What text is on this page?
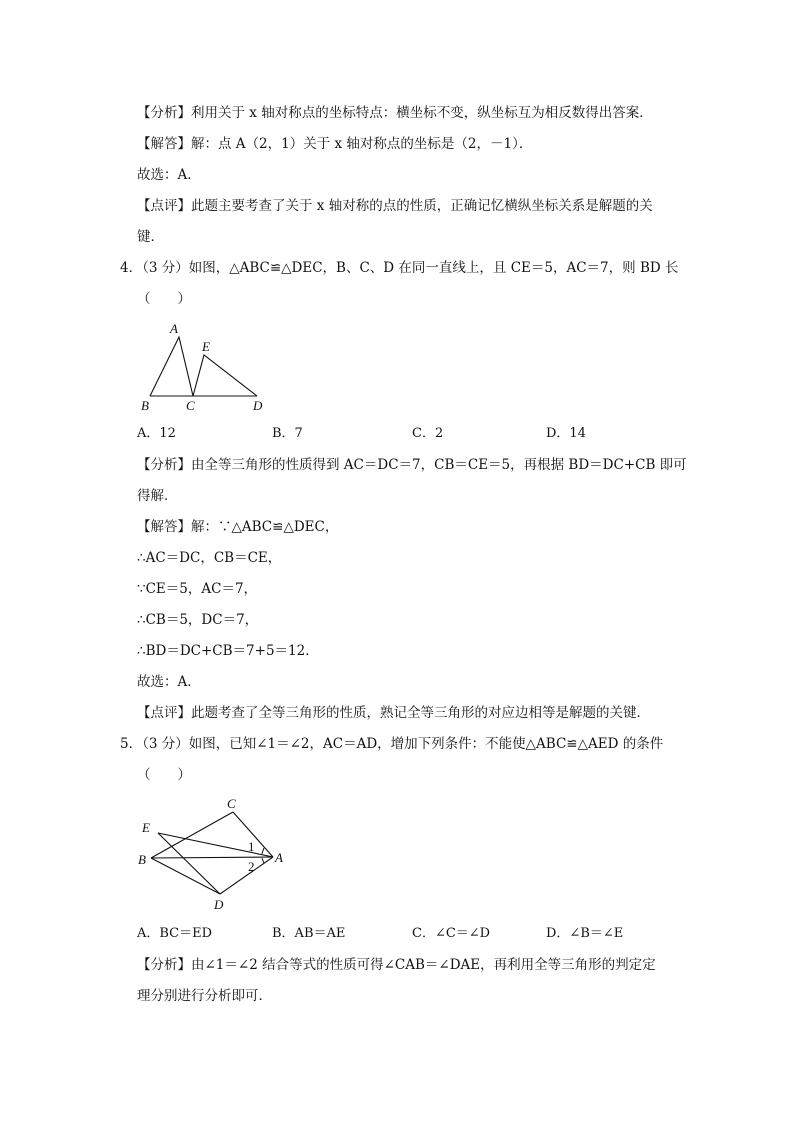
【分析】利用关于 x 轴对称点的坐标特点：横坐标不变，纵坐标互为相反数得出答案．
【解答】解：点 A（2，1）关于 x 轴对称点的坐标是（2，－1）．
故选：A．
【点评】此题主要考查了关于 x 轴对称的点的性质，正确记忆横纵坐标关系是解题的关
键．
4．（3 分）如图，△ABC≌△DEC，B、C、D 在同一直线上，且 CE＝5，AC＝7，则 BD 长
（　　）
A
E
B	C	D
A．12	B．7	C．2	D．14
【分析】由全等三角形的性质得到 AC＝DC＝7，CB＝CE＝5，再根据 BD＝DC+CB 即可
得解．
【解答】解：∵△ABC≌△DEC，
∴AC＝DC，CB＝CE，
∵CE＝5，AC＝7，
∴CB＝5，DC＝7，
∴BD＝DC+CB＝7+5＝12．
故选：A．
【点评】此题考查了全等三角形的性质，熟记全等三角形的对应边相等是解题的关键．
5．（3 分）如图，已知∠1＝∠2，AC＝AD，增加下列条件：不能使△ABC≌△AED 的条件
（　　）
C
E
B	A
D
1
2
A．BC＝ED	B．AB＝AE	C．∠C＝∠D	D．∠B＝∠E
【分析】由∠1＝∠2 结合等式的性质可得∠CAB＝∠DAE，再利用全等三角形的判定定
理分别进行分析即可．
